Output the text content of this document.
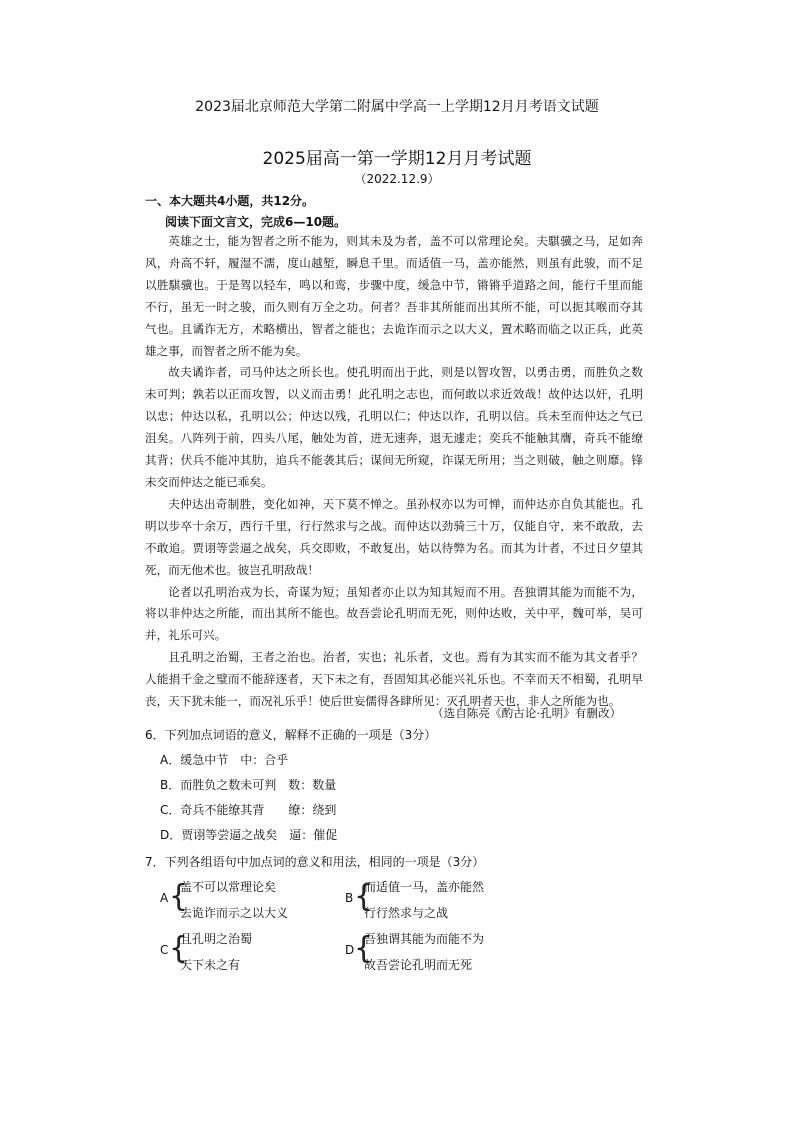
2023届北京师范大学第二附属中学高一上学期12月月考语文试题
2025届高一第一学期12月月考试题
（2022.12.9）
一、本大题共4小题，共12分。
阅读下面文言文，完成6—10题。

英雄之士，能为智者之所不能为，则其未及为者，盖不可以常理论矣。夫騏骥之马，足如奔风，舟高不轩，履湿不濡，度山越堑，瞬息千里。而适值一马，盖亦能然，则虽有此骏，而不足以胜騏骥也。于是驾以轻车，鸣以和鸾，步骤中度，缓急中节，锵锵乎道路之间，能行千里而能不行，虽无一时之骏，而久则有万全之功。何者？吾非其所能而出其所不能，可以扼其喉而夺其气也。且谲诈无方，术略横出，智者之能也；去诡诈而示之以大义，置术略而临之以正兵，此英雄之事，而智者之所不能为矣。

故夫谲诈者，司马仲达之所长也。使孔明而出于此，则是以智攻智，以勇击勇，而胜负之数未可判；孰若以正而攻智，以义而击勇！此孔明之志也，而何敢以求近效哉！故仲达以奸，孔明以忠；仲达以私，孔明以公；仲达以残，孔明以仁；仲达以诈，孔明以信。兵未至而仲达之气已沮矣。八阵列于前，四头八尾，触处为首，进无速奔，退无遽走；奕兵不能触其膺，奇兵不能缭其背；伏兵不能冲其肋，追兵不能袭其后；谋间无所窥，诈谋无所用；当之则破，触之则靡。锋未交而仲达之能已乖矣。

夫仲达出奇制胜，变化如神，天下莫不惮之。虽孙权亦以为可惮，而仲达亦自负其能也。孔明以步卒十余万，西行千里，行行然求与之战。而仲达以劲骑三十万，仅能自守，来不敢敌，去不敢追。贾诩等尝逼之战矣，兵交即败，不敢复出，姑以待弊为名。而其为计者，不过日夕望其死，而无他术也。彼岂孔明敌哉！

论者以孔明治戎为长，奇谋为短；虽知者亦止以为知其短而不用。吾独谓其能为而能不为，将以非仲达之所能，而出其所不能也。故吾尝论孔明而无死，则仲达败，关中平，魏可举，吴可并，礼乐可兴。

且孔明之治蜀，王者之治也。治者，实也；礼乐者，文也。焉有为其实而不能为其文者乎？人能捐千金之璧而不能辞逐者，天下未之有，吾固知其必能兴礼乐也。不幸而天不相蜀，孔明早丧，天下犹未能一，而况礼乐乎！使后世妄儒得各肆所见：灭孔明者天也，非人之所能为也。

（选自陈亮《酌古论·孔明》有删改）
6．下列加点词语的意义，解释不正确的一项是（3分）
A．缓急中节　中：合乎
B．而胜负之数未可判　数：数量
C．奇兵不能缭其背　　缭：绕到
D．贾诩等尝逼之战矣　逼：催促
7．下列各组语句中加点词的意义和用法，相同的一项是（3分）
A {
盖不可以常理论矣
去诡诈而示之以大义
B {
而适值一马，盖亦能然
行行然求与之战
C {
且孔明之治蜀
天下未之有
D {
吾独谓其能为而能不为
故吾尝论孔明而无死
